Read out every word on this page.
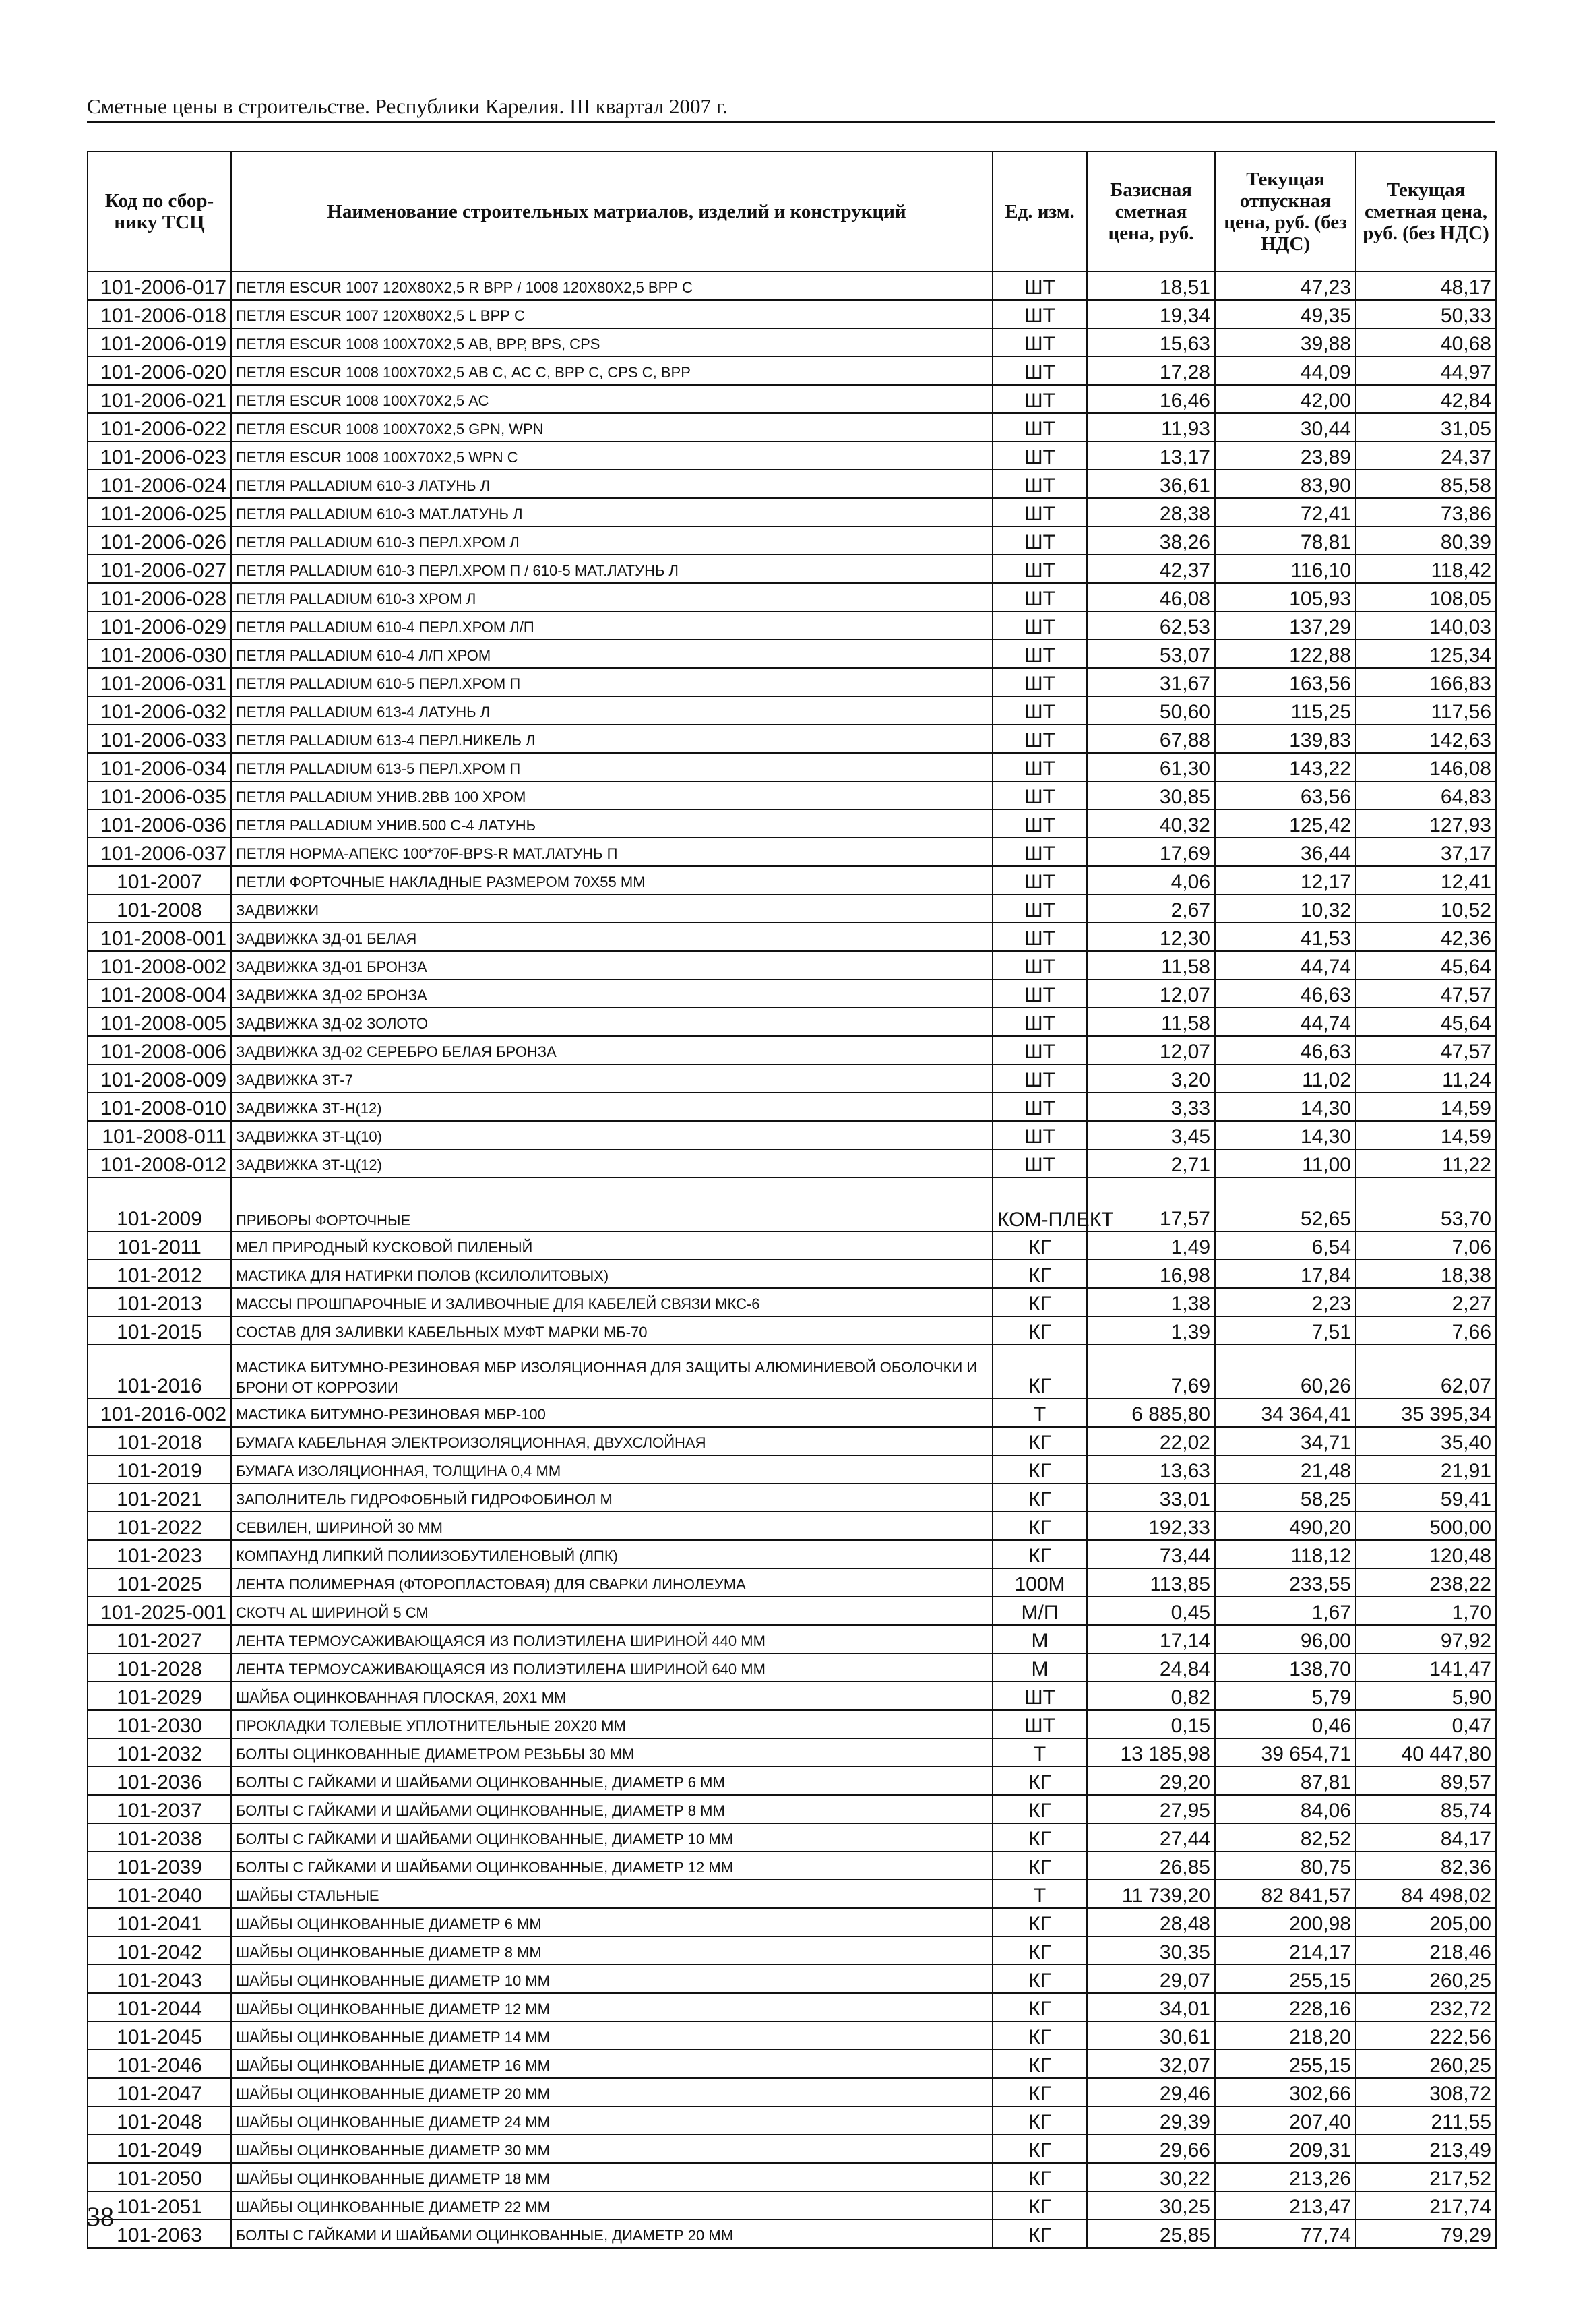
Сметные цены в строительстве. Республики Карелия. III квартал 2007 г.
Код по сбор-нику ТСЦ	Наименование строительных матриалов, изделий и конструкций	Ед. изм.	Базисная сметная цена, руб.	Текущая отпускная цена, руб. (без НДС)	Текущая сметная цена, руб. (без НДС)
101-2006-017	ПЕТЛЯ ESCUR 1007 120Х80Х2,5 R ВРР / 1008 120Х80Х2,5 ВРР С	ШТ	18,51	47,23	48,17
101-2006-018	ПЕТЛЯ ESCUR 1007 120Х80Х2,5 L ВРР С	ШТ	19,34	49,35	50,33
101-2006-019	ПЕТЛЯ ESCUR 1008 100Х70Х2,5 АВ, ВРР, BPS, CPS	ШТ	15,63	39,88	40,68
101-2006-020	ПЕТЛЯ ESCUR 1008 100Х70Х2,5 АВ С, АС С, ВРР С, CPS С, ВРР	ШТ	17,28	44,09	44,97
101-2006-021	ПЕТЛЯ ESCUR 1008 100Х70Х2,5 АС	ШТ	16,46	42,00	42,84
101-2006-022	ПЕТЛЯ ESCUR 1008 100Х70Х2,5 GPN, WPN	ШТ	11,93	30,44	31,05
101-2006-023	ПЕТЛЯ ESCUR 1008 100Х70Х2,5 WPN С	ШТ	13,17	23,89	24,37
101-2006-024	ПЕТЛЯ PALLADIUM 610-3 ЛАТУНЬ Л	ШТ	36,61	83,90	85,58
101-2006-025	ПЕТЛЯ PALLADIUM 610-3 МАТ.ЛАТУНЬ Л	ШТ	28,38	72,41	73,86
101-2006-026	ПЕТЛЯ PALLADIUM 610-3 ПЕРЛ.ХРОМ Л	ШТ	38,26	78,81	80,39
101-2006-027	ПЕТЛЯ PALLADIUM 610-3 ПЕРЛ.ХРОМ П / 610-5 МАТ.ЛАТУНЬ Л	ШТ	42,37	116,10	118,42
101-2006-028	ПЕТЛЯ PALLADIUM 610-3 ХРОМ Л	ШТ	46,08	105,93	108,05
101-2006-029	ПЕТЛЯ PALLADIUM 610-4 ПЕРЛ.ХРОМ Л/П	ШТ	62,53	137,29	140,03
101-2006-030	ПЕТЛЯ PALLADIUM 610-4 Л/П ХРОМ	ШТ	53,07	122,88	125,34
101-2006-031	ПЕТЛЯ PALLADIUM 610-5 ПЕРЛ.ХРОМ П	ШТ	31,67	163,56	166,83
101-2006-032	ПЕТЛЯ PALLADIUM 613-4 ЛАТУНЬ Л	ШТ	50,60	115,25	117,56
101-2006-033	ПЕТЛЯ PALLADIUM 613-4 ПЕРЛ.НИКЕЛЬ Л	ШТ	67,88	139,83	142,63
101-2006-034	ПЕТЛЯ PALLADIUM 613-5 ПЕРЛ.ХРОМ П	ШТ	61,30	143,22	146,08
101-2006-035	ПЕТЛЯ PALLADIUM УНИВ.2ВВ 100 ХРОМ	ШТ	30,85	63,56	64,83
101-2006-036	ПЕТЛЯ PALLADIUM УНИВ.500 С-4 ЛАТУНЬ	ШТ	40,32	125,42	127,93
101-2006-037	ПЕТЛЯ НОРМА-АПЕКС 100*70F-BPS-R МАТ.ЛАТУНЬ П	ШТ	17,69	36,44	37,17
101-2007	ПЕТЛИ ФОРТОЧНЫЕ НАКЛАДНЫЕ РАЗМЕРОМ 70Х55 ММ	ШТ	4,06	12,17	12,41
101-2008	ЗАДВИЖКИ	ШТ	2,67	10,32	10,52
101-2008-001	ЗАДВИЖКА ЗД-01 БЕЛАЯ	ШТ	12,30	41,53	42,36
101-2008-002	ЗАДВИЖКА ЗД-01 БРОНЗА	ШТ	11,58	44,74	45,64
101-2008-004	ЗАДВИЖКА ЗД-02 БРОНЗА	ШТ	12,07	46,63	47,57
101-2008-005	ЗАДВИЖКА ЗД-02 ЗОЛОТО	ШТ	11,58	44,74	45,64
101-2008-006	ЗАДВИЖКА ЗД-02 СЕРЕБРО БЕЛАЯ БРОНЗА	ШТ	12,07	46,63	47,57
101-2008-009	ЗАДВИЖКА ЗТ-7	ШТ	3,20	11,02	11,24
101-2008-010	ЗАДВИЖКА ЗТ-Н(12)	ШТ	3,33	14,30	14,59
101-2008-011	ЗАДВИЖКА ЗТ-Ц(10)	ШТ	3,45	14,30	14,59
101-2008-012	ЗАДВИЖКА ЗТ-Ц(12)	ШТ	2,71	11,00	11,22
101-2009	ПРИБОРЫ ФОРТОЧНЫЕ	КОМ-ПЛЕКТ	17,57	52,65	53,70
101-2011	МЕЛ ПРИРОДНЫЙ КУСКОВОЙ ПИЛЕНЫЙ	КГ	1,49	6,54	7,06
101-2012	МАСТИКА ДЛЯ НАТИРКИ ПОЛОВ (КСИЛОЛИТОВЫХ)	КГ	16,98	17,84	18,38
101-2013	МАССЫ ПРОШПАРОЧНЫЕ И ЗАЛИВОЧНЫЕ ДЛЯ КАБЕЛЕЙ СВЯЗИ МКС-6	КГ	1,38	2,23	2,27
101-2015	СОСТАВ ДЛЯ ЗАЛИВКИ КАБЕЛЬНЫХ МУФТ МАРКИ МБ-70	КГ	1,39	7,51	7,66
101-2016	МАСТИКА БИТУМНО-РЕЗИНОВАЯ МБР ИЗОЛЯЦИОННАЯ ДЛЯ ЗАЩИТЫ АЛЮМИНИЕВОЙ ОБОЛОЧКИ И БРОНИ ОТ КОРРОЗИИ	КГ	7,69	60,26	62,07
101-2016-002	МАСТИКА БИТУМНО-РЕЗИНОВАЯ МБР-100	Т	6 885,80	34 364,41	35 395,34
101-2018	БУМАГА КАБЕЛЬНАЯ ЭЛЕКТРОИЗОЛЯЦИОННАЯ, ДВУХСЛОЙНАЯ	КГ	22,02	34,71	35,40
101-2019	БУМАГА ИЗОЛЯЦИОННАЯ, ТОЛЩИНА 0,4 ММ	КГ	13,63	21,48	21,91
101-2021	ЗАПОЛНИТЕЛЬ ГИДРОФОБНЫЙ ГИДРОФОБИНОЛ М	КГ	33,01	58,25	59,41
101-2022	СЕВИЛЕН, ШИРИНОЙ 30 ММ	КГ	192,33	490,20	500,00
101-2023	КОМПАУНД ЛИПКИЙ ПОЛИИЗОБУТИЛЕНОВЫЙ (ЛПК)	КГ	73,44	118,12	120,48
101-2025	ЛЕНТА ПОЛИМЕРНАЯ (ФТОРОПЛАСТОВАЯ) ДЛЯ СВАРКИ ЛИНОЛЕУМА	100М	113,85	233,55	238,22
101-2025-001	СКОТЧ AL ШИРИНОЙ 5 СМ	М/П	0,45	1,67	1,70
101-2027	ЛЕНТА ТЕРМОУСАЖИВАЮЩАЯСЯ ИЗ ПОЛИЭТИЛЕНА ШИРИНОЙ 440 ММ	М	17,14	96,00	97,92
101-2028	ЛЕНТА ТЕРМОУСАЖИВАЮЩАЯСЯ ИЗ ПОЛИЭТИЛЕНА ШИРИНОЙ 640 ММ	М	24,84	138,70	141,47
101-2029	ШАЙБА ОЦИНКОВАННАЯ ПЛОСКАЯ, 20Х1 ММ	ШТ	0,82	5,79	5,90
101-2030	ПРОКЛАДКИ ТОЛЕВЫЕ УПЛОТНИТЕЛЬНЫЕ 20Х20 ММ	ШТ	0,15	0,46	0,47
101-2032	БОЛТЫ ОЦИНКОВАННЫЕ ДИАМЕТРОМ РЕЗЬБЫ 30 ММ	Т	13 185,98	39 654,71	40 447,80
101-2036	БОЛТЫ С ГАЙКАМИ И ШАЙБАМИ ОЦИНКОВАННЫЕ, ДИАМЕТР 6 ММ	КГ	29,20	87,81	89,57
101-2037	БОЛТЫ С ГАЙКАМИ И ШАЙБАМИ ОЦИНКОВАННЫЕ, ДИАМЕТР 8 ММ	КГ	27,95	84,06	85,74
101-2038	БОЛТЫ С ГАЙКАМИ И ШАЙБАМИ ОЦИНКОВАННЫЕ, ДИАМЕТР 10 ММ	КГ	27,44	82,52	84,17
101-2039	БОЛТЫ С ГАЙКАМИ И ШАЙБАМИ ОЦИНКОВАННЫЕ, ДИАМЕТР 12 ММ	КГ	26,85	80,75	82,36
101-2040	ШАЙБЫ СТАЛЬНЫЕ	Т	11 739,20	82 841,57	84 498,02
101-2041	ШАЙБЫ ОЦИНКОВАННЫЕ ДИАМЕТР 6 ММ	КГ	28,48	200,98	205,00
101-2042	ШАЙБЫ ОЦИНКОВАННЫЕ ДИАМЕТР 8 ММ	КГ	30,35	214,17	218,46
101-2043	ШАЙБЫ ОЦИНКОВАННЫЕ ДИАМЕТР 10 ММ	КГ	29,07	255,15	260,25
101-2044	ШАЙБЫ ОЦИНКОВАННЫЕ ДИАМЕТР 12 ММ	КГ	34,01	228,16	232,72
101-2045	ШАЙБЫ ОЦИНКОВАННЫЕ ДИАМЕТР 14 ММ	КГ	30,61	218,20	222,56
101-2046	ШАЙБЫ ОЦИНКОВАННЫЕ ДИАМЕТР 16 ММ	КГ	32,07	255,15	260,25
101-2047	ШАЙБЫ ОЦИНКОВАННЫЕ ДИАМЕТР 20 ММ	КГ	29,46	302,66	308,72
101-2048	ШАЙБЫ ОЦИНКОВАННЫЕ ДИАМЕТР 24 ММ	КГ	29,39	207,40	211,55
101-2049	ШАЙБЫ ОЦИНКОВАННЫЕ ДИАМЕТР 30 ММ	КГ	29,66	209,31	213,49
101-2050	ШАЙБЫ ОЦИНКОВАННЫЕ ДИАМЕТР 18 ММ	КГ	30,22	213,26	217,52
101-2051	ШАЙБЫ ОЦИНКОВАННЫЕ ДИАМЕТР 22 ММ	КГ	30,25	213,47	217,74
101-2063	БОЛТЫ С ГАЙКАМИ И ШАЙБАМИ ОЦИНКОВАННЫЕ, ДИАМЕТР 20 ММ	КГ	25,85	77,74	79,29
38
